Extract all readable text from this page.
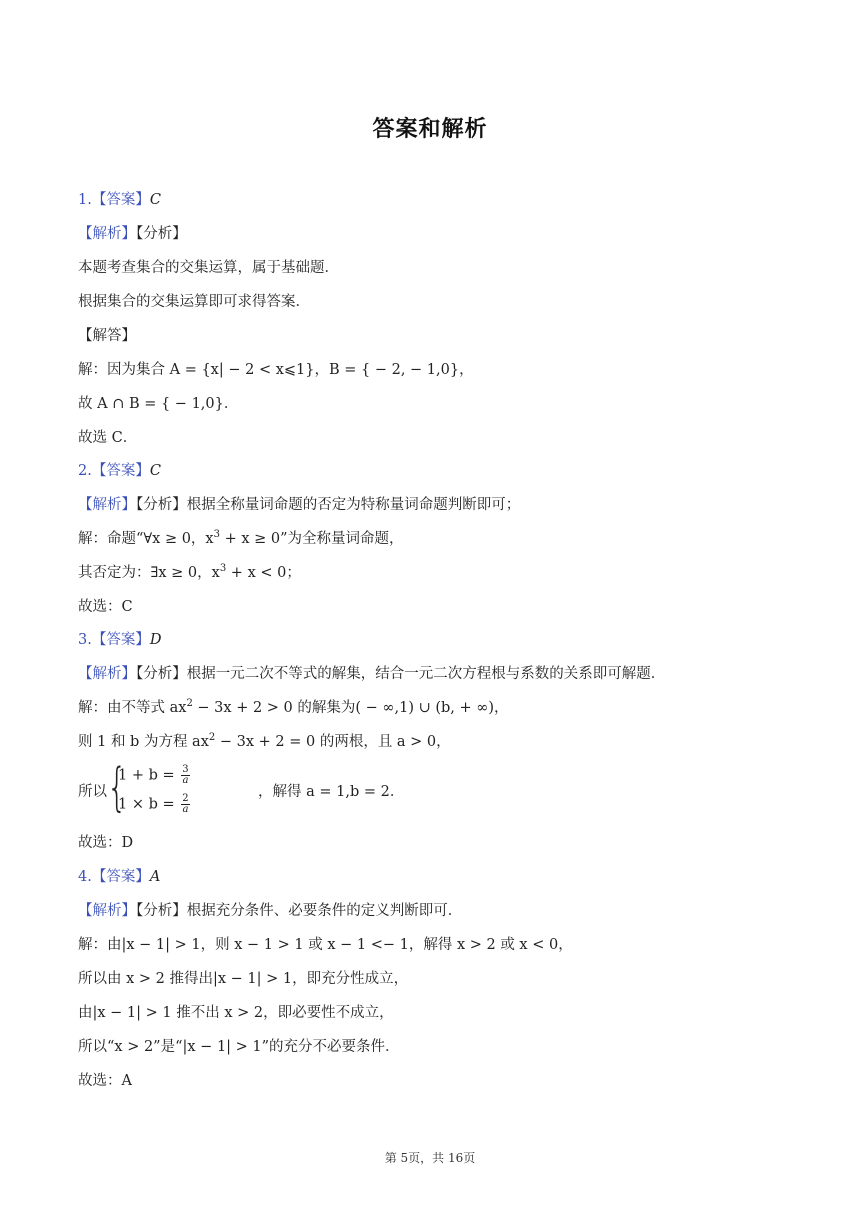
答案和解析
1.【答案】C
【解析】【分析】
本题考查集合的交集运算，属于基础题．
根据集合的交集运算即可求得答案．
【解答】
解：因为集合 A = {x| − 2 < x⩽1}，B = { − 2, − 1,0}，
故 A ∩ B = { − 1,0}．
故选 C．
2.【答案】C
【解析】【分析】根据全称量词命题的否定为特称量词命题判断即可；
解：命题“∀x ≥ 0，$x^3 + x \ge 0$”为全称量词命题，
其否定为：∃x ≥ 0，$x^3 + x < 0$；
故选：C
3.【答案】D
【解析】【分析】根据一元二次不等式的解集，结合一元二次方程根与系数的关系即可解题．
解：由不等式 $ax^2 - 3x + 2 > 0$ 的解集为( − ∞,1) ∪ (b, + ∞)，
则 1 和 b 为方程 $ax^2 - 3x + 2 = 0$ 的两根，且 a > 0，
所以 {
$1 + b = \frac{3}{a}$
$1 \times b = \frac{2}{a}$
，解得 a = 1,b = 2．
故选：D
4.【答案】A
【解析】【分析】根据充分条件、必要条件的定义判断即可．
解：由|x − 1| > 1，则 x − 1 > 1 或 x − 1 <− 1，解得 x > 2 或 x < 0，
所以由 x > 2 推得出|x − 1| > 1，即充分性成立，
由|x − 1| > 1 推不出 x > 2，即必要性不成立，
所以“x > 2”是“|x − 1| > 1”的充分不必要条件．
故选：A
第 5页，共 16页
